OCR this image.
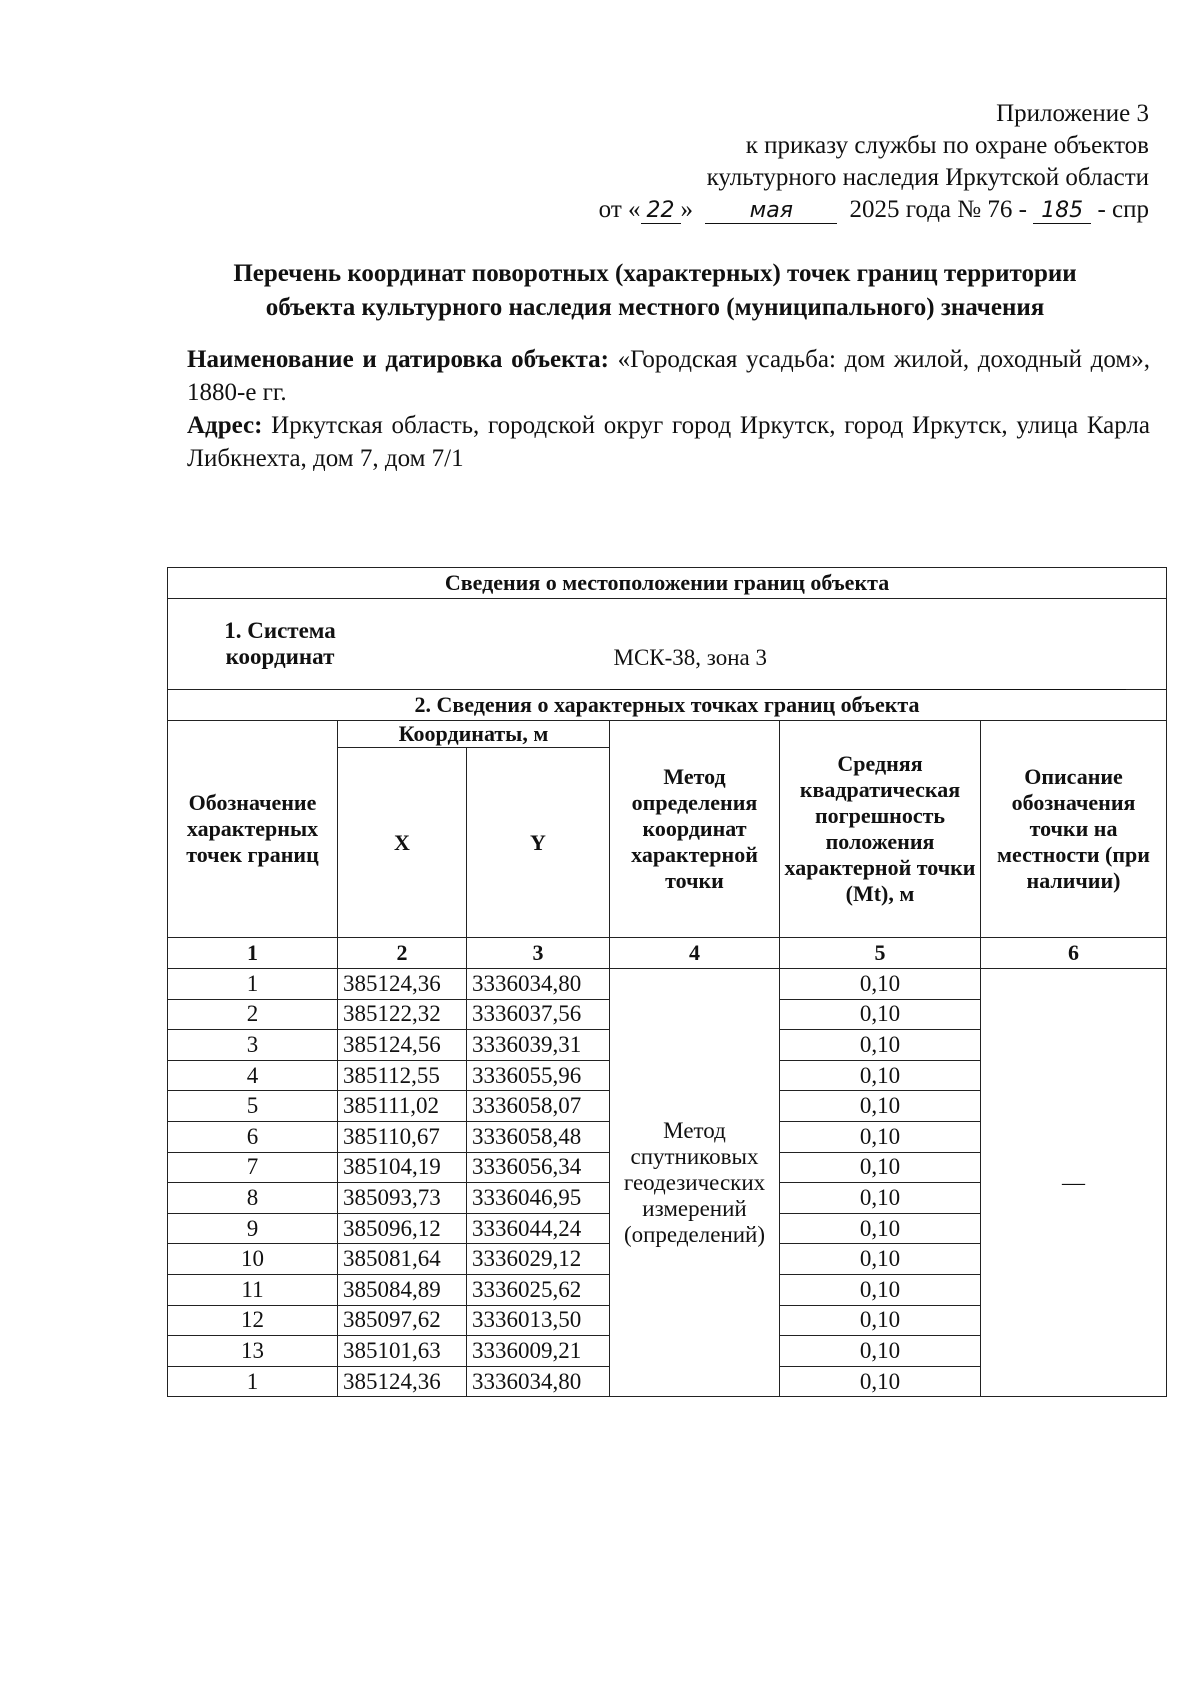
Приложение 3
к приказу службы по охране объектов
культурного наследия Иркутской области
от « 22 »	мая 2025 года № 76 - 185 - спр
Перечень координат поворотных (характерных) точек границ территории
объекта культурного наследия местного (муниципального) значения

Наименование и датировка объекта: «Городская усадьба: дом жилой, доходный дом», 1880-е гг.

Адрес: Иркутская область, городской округ город Иркутск, город Иркутск, улица Карла Либкнехта, дом 7, дом 7/1

Сведения о местоположении границ объекта					

1. Система координат			МСК-38, зона 3		

2. Сведения о характерных точках границ объекта					
Обозначение характерных точек границ	Координаты, м		Метод определения координат характерной точки	Средняя квадратическая погрешность положения характерной точки (Mt), м	Описание обозначения точки на местности (при наличии)
	X	Y			
1	2	3	4	5	6
1	385124,36	3336034,80	Метод спутниковых геодезических измерений (определений)	0,10	—
2	385122,32	3336037,56		0,10	
3	385124,56	3336039,31		0,10	
4	385112,55	3336055,96		0,10	
5	385111,02	3336058,07		0,10	
6	385110,67	3336058,48		0,10	
7	385104,19	3336056,34		0,10	
8	385093,73	3336046,95		0,10	
9	385096,12	3336044,24		0,10	
10	385081,64	3336029,12		0,10	
11	385084,89	3336025,62		0,10	
12	385097,62	3336013,50		0,10	
13	385101,63	3336009,21		0,10	
1	385124,36	3336034,80		0,10	
